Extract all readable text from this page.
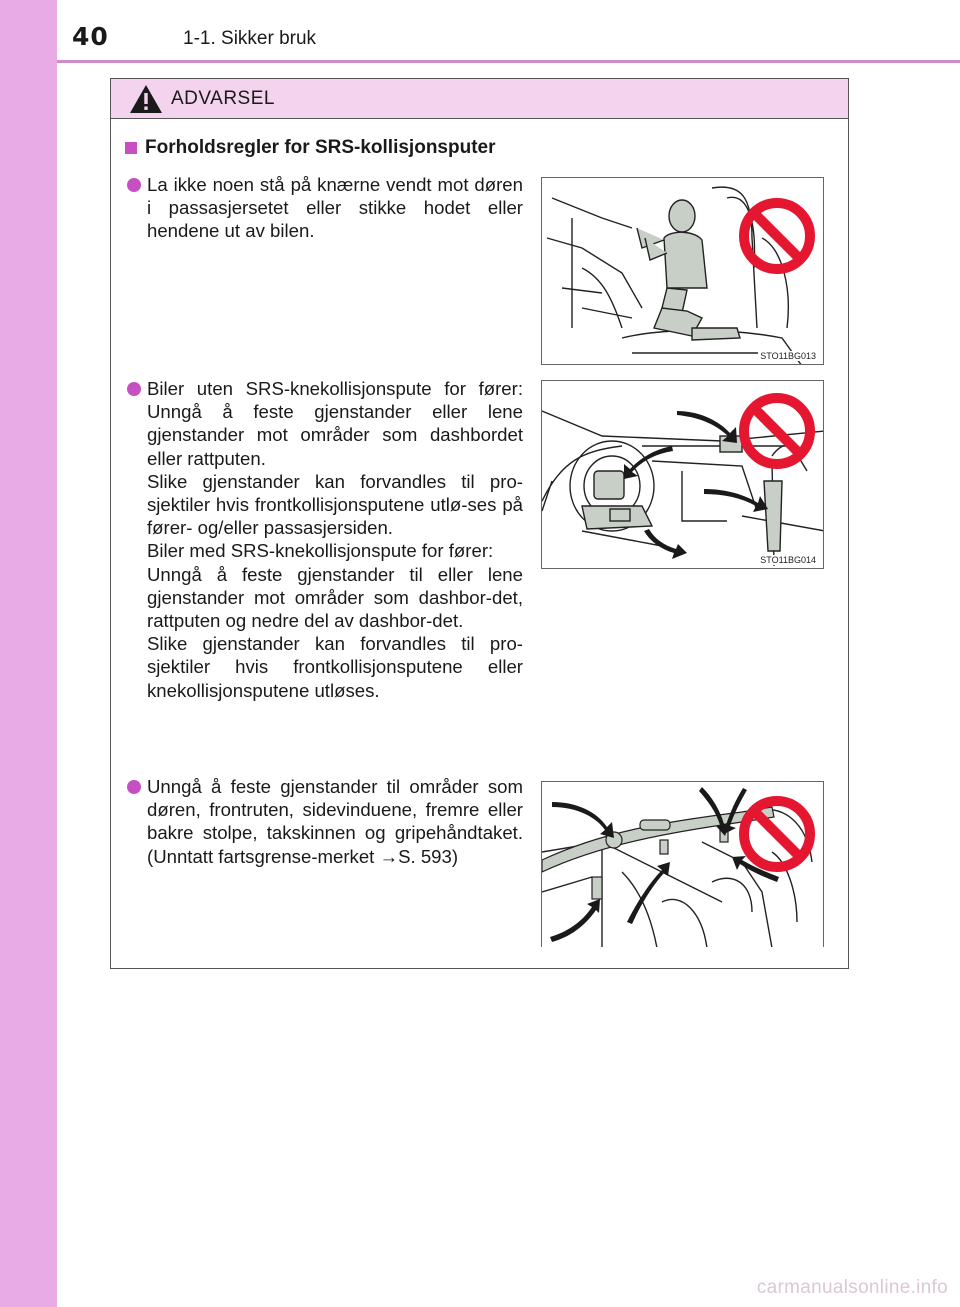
40	1-1. Sikker bruk
ADVARSEL
Forholdsregler for SRS-kollisjonsputer

La ikke noen stå på knærne vendt mot døren i passasjersetet eller stikke hodet eller hendene ut av bilen.

STO11BG013

Biler uten SRS-knekollisjonspute for fører: Unngå å feste gjenstander eller lene gjenstander mot områder som dashbordet eller rattputen.

Slike gjenstander kan forvandles til pro-sjektiler hvis frontkollisjonsputene utlø-ses på fører- og/eller passasjersiden.

Biler med SRS-knekollisjonspute for fører:

Unngå å feste gjenstander til eller lene gjenstander mot områder som dashbor-det, rattputen og nedre del av dashbor-det.

Slike gjenstander kan forvandles til pro-sjektiler hvis frontkollisjonsputene eller knekollisjonsputene utløses.

STO11BG014

Unngå å feste gjenstander til områder som døren, frontruten, sidevinduene, fremre eller bakre stolpe, takskinnen og gripehåndtaket. (Unntatt fartsgrense-merket →S. 593)

carmanualsonline.info
